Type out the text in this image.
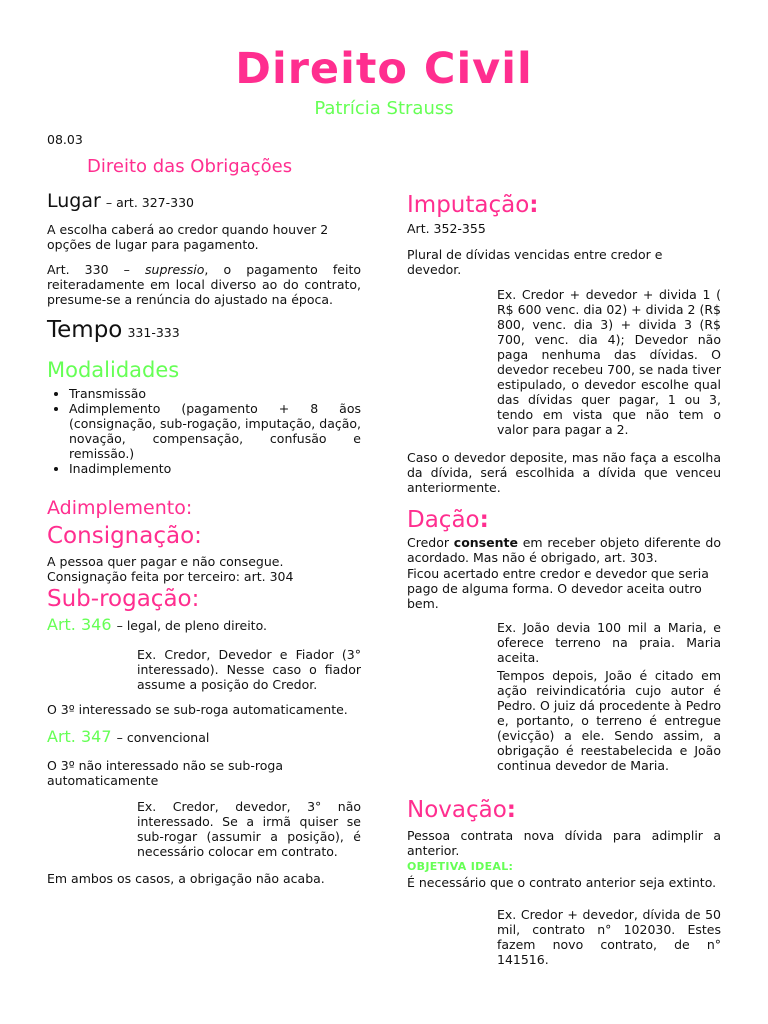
Direito Civil
Patrícia Strauss
08.03
Direito das Obrigações
Lugar – art. 327-330
A escolha caberá ao credor quando houver 2 opções de lugar para pagamento.
Art. 330 – supressio, o pagamento feito reiteradamente em local diverso ao do contrato, presume-se a renúncia do ajustado na época.
Tempo 331-333
Modalidades
• Transmissão
• Adimplemento (pagamento + 8 ãos (consignação, sub-rogação, imputação, dação, novação, compensação, confusão e remissão.)
• Inadimplemento
Adimplemento:
Consignação:
A pessoa quer pagar e não consegue.
Consignação feita por terceiro: art. 304
Sub-rogação:
Art. 346 – legal, de pleno direito.
Ex. Credor, Devedor e Fiador (3° interessado). Nesse caso o fiador assume a posição do Credor.
O 3º interessado se sub-roga automaticamente.
Art. 347 – convencional
O 3º não interessado não se sub-roga automaticamente
Ex. Credor, devedor, 3° não interessado. Se a irmã quiser se sub-rogar (assumir a posição), é necessário colocar em contrato.
Em ambos os casos, a obrigação não acaba.
Imputação:
Art. 352-355
Plural de dívidas vencidas entre credor e devedor.
Ex. Credor + devedor + divida 1 ( R$ 600 venc. dia 02) + divida 2 (R$ 800, venc. dia 3) + divida 3 (R$ 700, venc. dia 4); Devedor não paga nenhuma das dívidas. O devedor recebeu 700, se nada tiver estipulado, o devedor escolhe qual das dívidas quer pagar, 1 ou 3, tendo em vista que não tem o valor para pagar a 2.
Caso o devedor deposite, mas não faça a escolha da dívida, será escolhida a dívida que venceu anteriormente.
Dação:
Credor consente em receber objeto diferente do acordado. Mas não é obrigado, art. 303.
Ficou acertado entre credor e devedor que seria pago de alguma forma. O devedor aceita outro bem.
Ex. João devia 100 mil a Maria, e oferece terreno na praia. Maria aceita.
Tempos depois, João é citado em ação reivindicatória cujo autor é Pedro. O juiz dá procedente à Pedro e, portanto, o terreno é entregue (evicção) a ele. Sendo assim, a obrigação é reestabelecida e João continua devedor de Maria.
Novação:
Pessoa contrata nova dívida para adimplir a anterior.
OBJETIVA IDEAL:
É necessário que o contrato anterior seja extinto.
Ex. Credor + devedor, dívida de 50 mil, contrato n° 102030. Estes fazem novo contrato, de n° 141516.
